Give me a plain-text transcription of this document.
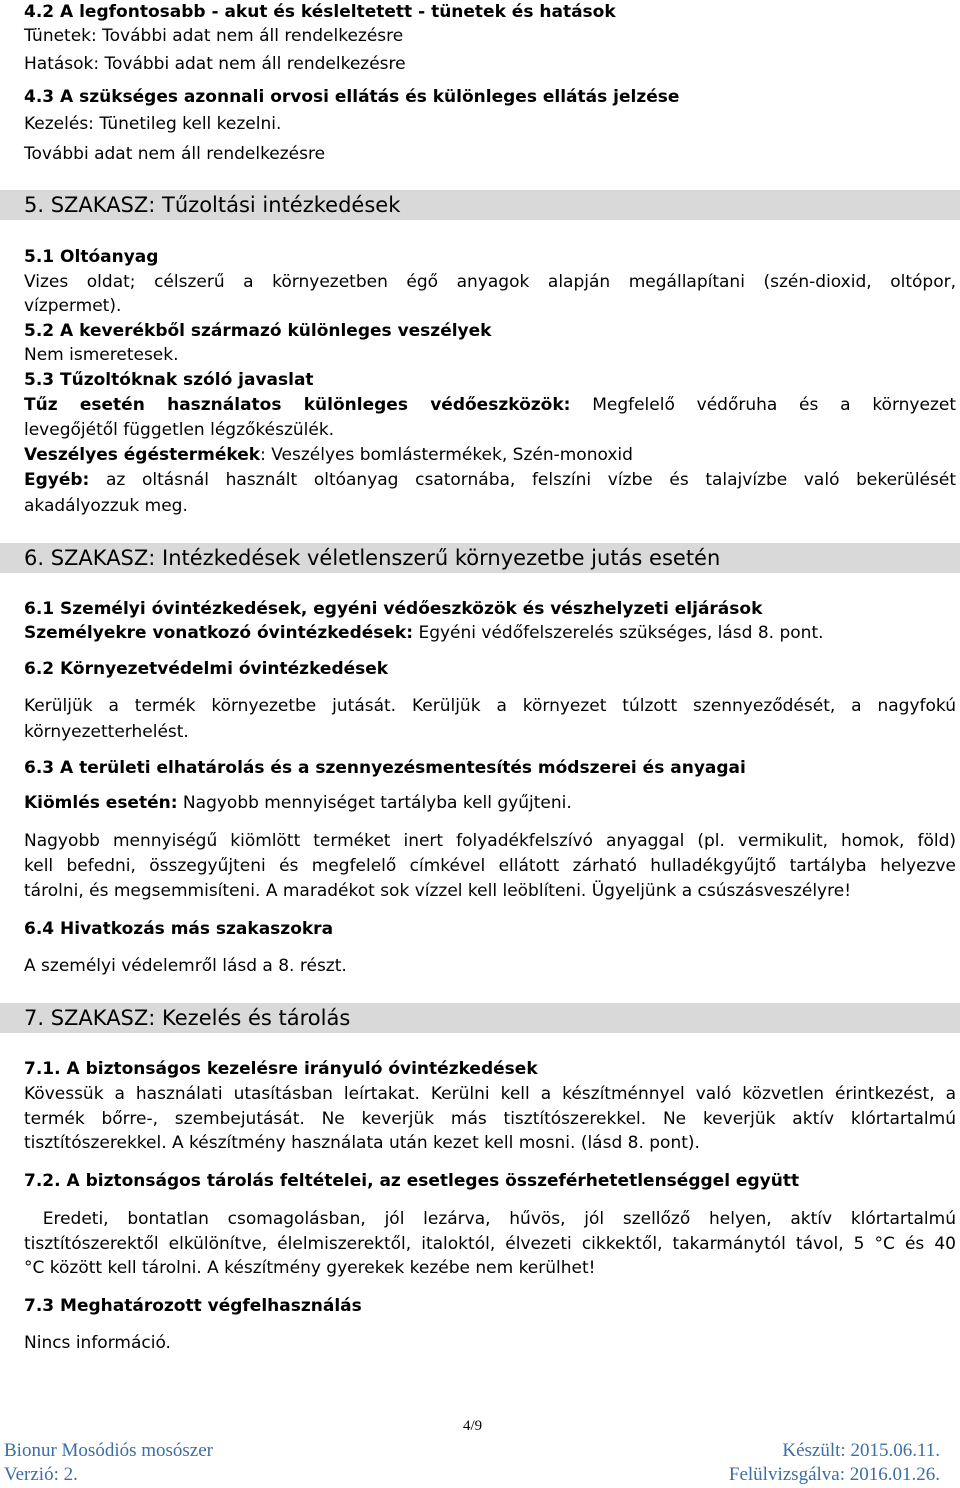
4.2 A legfontosabb - akut és késleltetett - tünetek és hatások
Tünetek: További adat nem áll rendelkezésre
Hatások: További adat nem áll rendelkezésre
4.3 A szükséges azonnali orvosi ellátás és különleges ellátás jelzése
Kezelés: Tünetileg kell kezelni.
További adat nem áll rendelkezésre
5. SZAKASZ: Tűzoltási intézkedések
5.1 Oltóanyag
Vizes oldat; célszerű a környezetben égő anyagok alapján megállapítani (szén-dioxid, oltópor,
vízpermet).
5.2 A keverékből származó különleges veszélyek
Nem ismeretesek.
5.3 Tűzoltóknak szóló javaslat
Tűz esetén használatos különleges védőeszközök: Megfelelő védőruha és a környezet
levegőjétől független légzőkészülék.
Veszélyes égéstermékek: Veszélyes bomlástermékek, Szén-monoxid
Egyéb: az oltásnál használt oltóanyag csatornába, felszíni vízbe és talajvízbe való bekerülését
akadályozzuk meg.
6. SZAKASZ: Intézkedések véletlenszerű környezetbe jutás esetén
6.1 Személyi óvintézkedések, egyéni védőeszközök és vészhelyzeti eljárások
Személyekre vonatkozó óvintézkedések: Egyéni védőfelszerelés szükséges, lásd 8. pont.
6.2 Környezetvédelmi óvintézkedések
Kerüljük a termék környezetbe jutását. Kerüljük a környezet túlzott szennyeződését, a nagyfokú
környezetterhelést.
6.3 A területi elhatárolás és a szennyezésmentesítés módszerei és anyagai
Kiömlés esetén: Nagyobb mennyiséget tartályba kell gyűjteni.
Nagyobb mennyiségű kiömlött terméket inert folyadékfelszívó anyaggal (pl. vermikulit, homok, föld)
kell befedni, összegyűjteni és megfelelő címkével ellátott zárható hulladékgyűjtő tartályba helyezve
tárolni, és megsemmisíteni. A maradékot sok vízzel kell leöblíteni. Ügyeljünk a csúszásveszélyre!
6.4 Hivatkozás más szakaszokra
A személyi védelemről lásd a 8. részt.
7. SZAKASZ: Kezelés és tárolás
7.1. A biztonságos kezelésre irányuló óvintézkedések
Kövessük a használati utasításban leírtakat. Kerülni kell a készítménnyel való közvetlen érintkezést, a
termék bőrre-, szembejutását. Ne keverjük más tisztítószerekkel. Ne keverjük aktív klórtartalmú
tisztítószerekkel. A készítmény használata után kezet kell mosni. (lásd 8. pont).
7.2. A biztonságos tárolás feltételei, az esetleges összeférhetetlenséggel együtt
Eredeti, bontatlan csomagolásban, jól lezárva, hűvös, jól szellőző helyen, aktív klórtartalmú
tisztítószerektől elkülönítve, élelmiszerektől, italoktól, élvezeti cikkektől, takarmánytól távol, 5 °C és 40
°C között kell tárolni. A készítmény gyerekek kezébe nem kerülhet!
7.3 Meghatározott végfelhasználás
Nincs információ.
4/9
Bionur Mosódiós mosószer
Verzió: 2.
Készült: 2015.06.11.
Felülvizsgálva: 2016.01.26.
